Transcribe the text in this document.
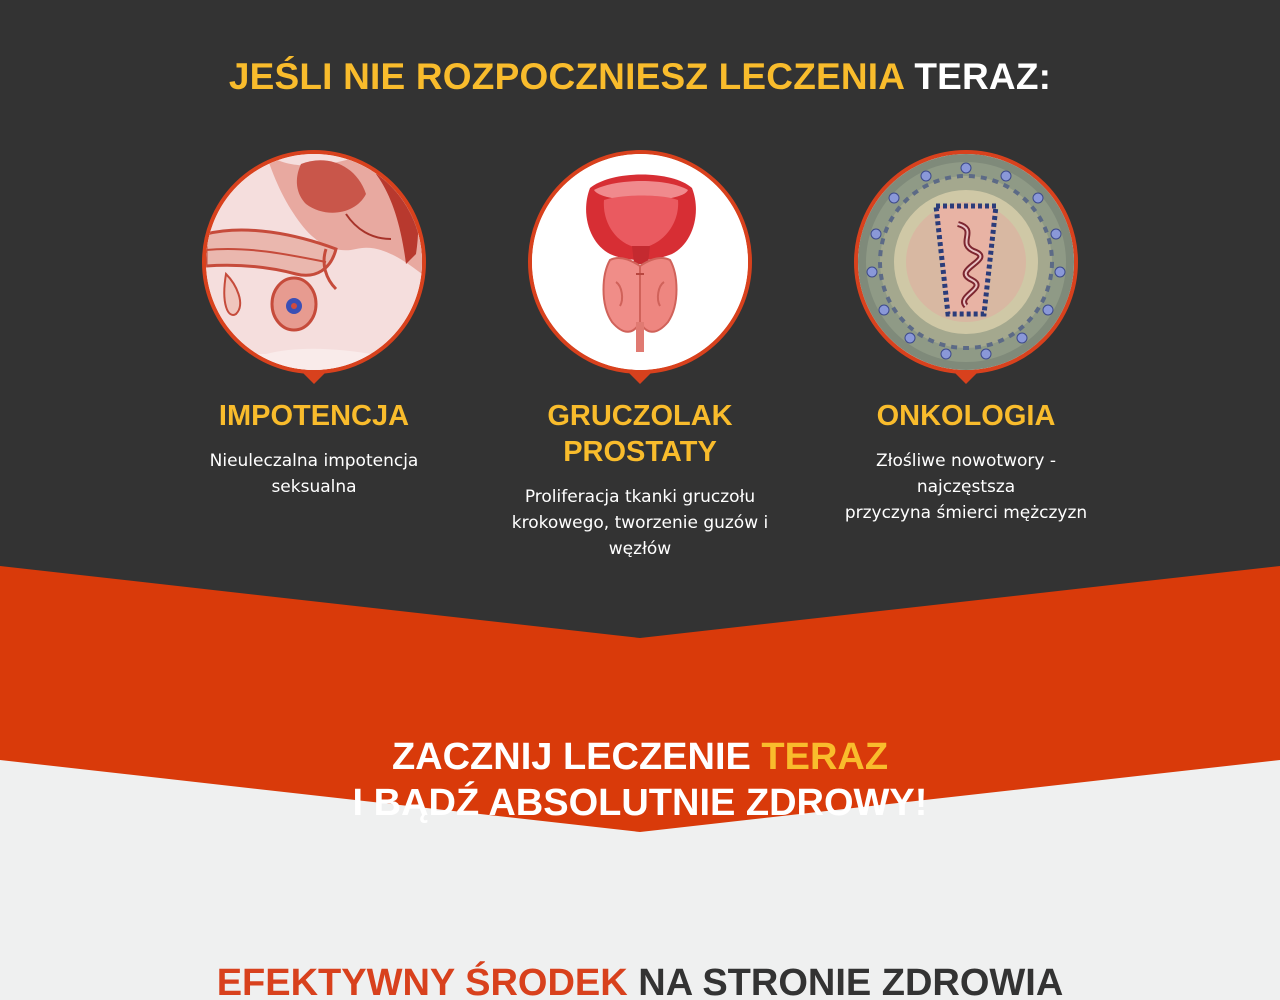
JEŚLI NIE ROZPOCZNIESZ LECZENIA TERAZ:
IMPOTENCJA

Nieuleczalna impotencja
seksualna

GRUCZOLAK
PROSTATY

Proliferacja tkanki gruczołu
krokowego, tworzenie guzów i
węzłów

ONKOLOGIA

Złośliwe nowotwory - najczęstsza
przyczyna śmierci mężczyzn

ZACZNIJ LECZENIE TERAZ
I BĄDŹ ABSOLUTNIE ZDROWY!
EFEKTYWNY ŚRODEK NA STRONIE ZDROWIA
